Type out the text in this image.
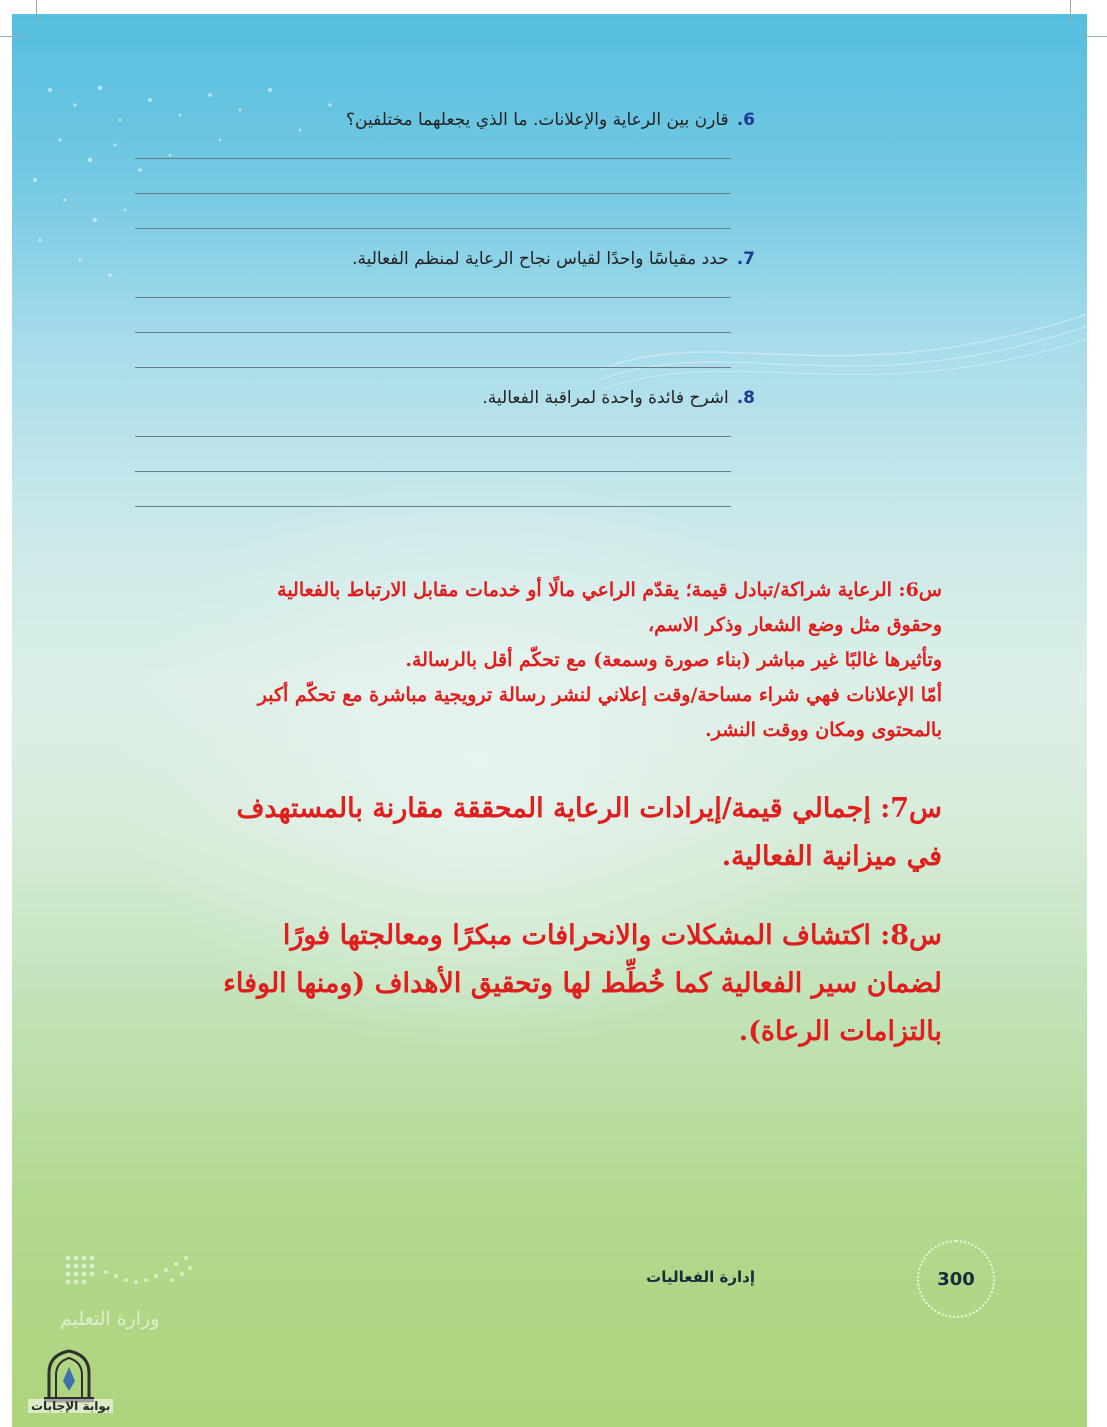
6.قارن بين الرعاية والإعلانات. ما الذي يجعلهما مختلفين؟
7.حدد مقياسًا واحدًا لقياس نجاح الرعاية لمنظم الفعالية.
8.اشرح فائدة واحدة لمراقبة الفعالية.
س6: الرعاية شراكة/تبادل قيمة؛ يقدّم الراعي مالًا أو خدمات مقابل الارتباط بالفعالية
وحقوق مثل وضع الشعار وذكر الاسم،
وتأثيرها غالبًا غير مباشر (بناء صورة وسمعة) مع تحكّم أقل بالرسالة.
أمّا الإعلانات فهي شراء مساحة/وقت إعلاني لنشر رسالة ترويجية مباشرة مع تحكّم أكبر
بالمحتوى ومكان ووقت النشر.
س7: إجمالي قيمة/إيرادات الرعاية المحققة مقارنة بالمستهدف في ميزانية الفعالية.
س8: اكتشاف المشكلات والانحرافات مبكرًا ومعالجتها فورًا لضمان سير الفعالية كما خُطِّط لها وتحقيق الأهداف (ومنها الوفاء بالتزامات الرعاة).
إدارة الفعاليات	300
وزارة التعليم
بوابة الإجابات
